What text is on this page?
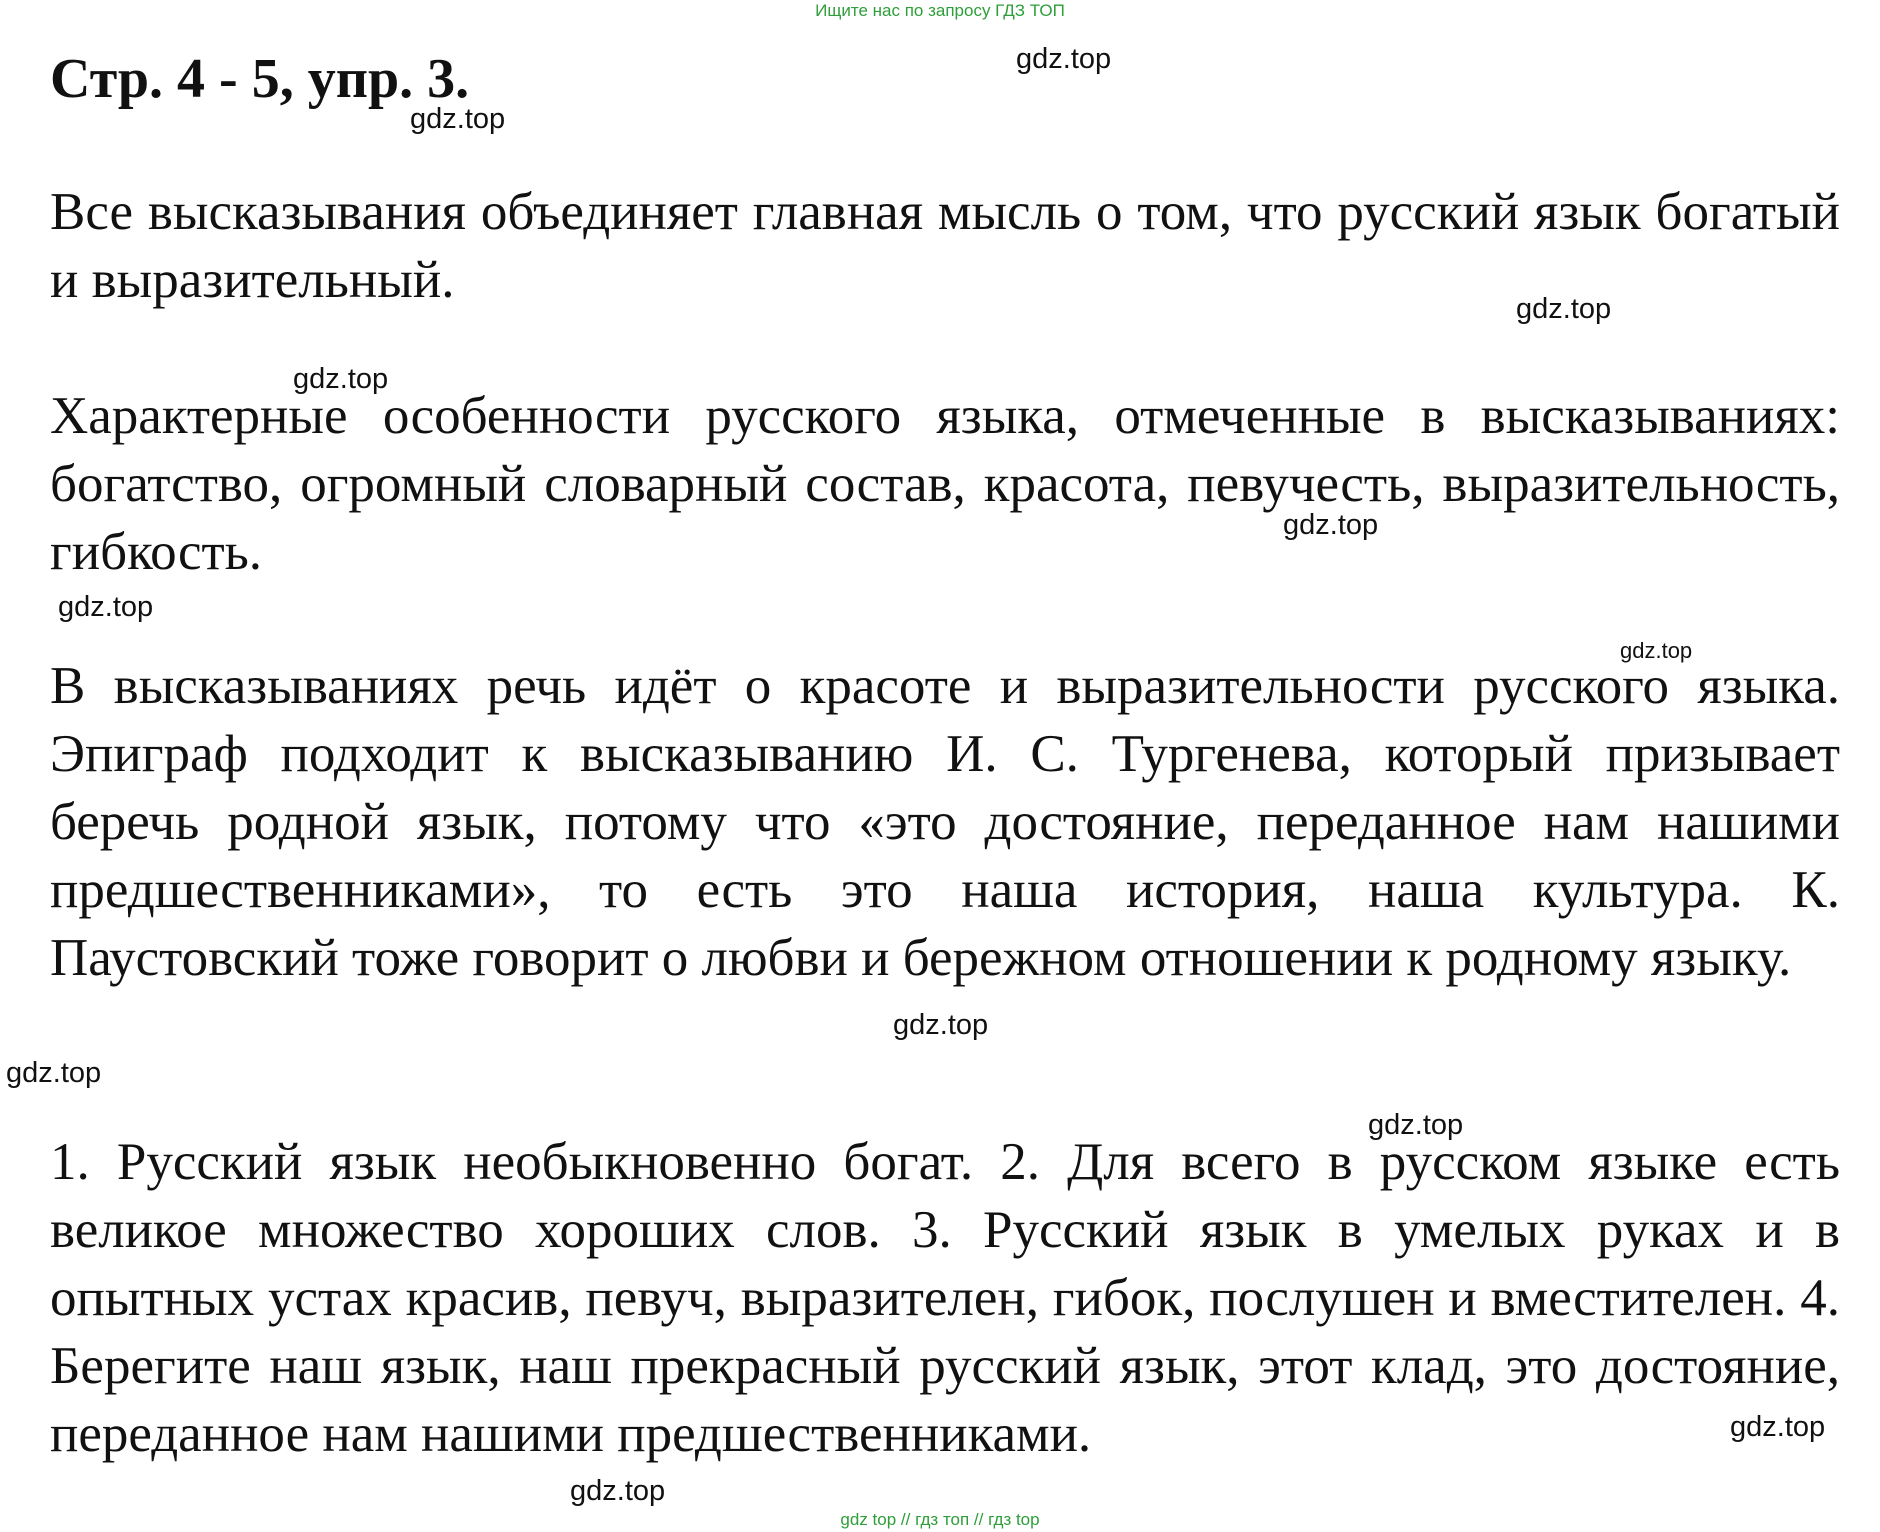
Ищите нас по запросу ГДЗ ТОП
Стр. 4 - 5, упр. 3.

Все высказывания объединяет главная мысль о том, что русский язык богатый и выразительный.

Характерные особенности русского языка, отмеченные в высказываниях: богатство, огромный словарный состав, красота, певучесть, выразительность, гибкость.

В высказываниях речь идёт о красоте и выразительности русского языка. Эпиграф подходит к высказыванию И. С. Тургенева, который призывает беречь родной язык, потому что «это достояние, переданное нам нашими предшественниками», то есть это наша история, наша культура. К. Паустовский тоже говорит о любви и бережном отношении к родному языку.

1. Русский язык необыкновенно богат. 2. Для всего в русском языке есть великое множество хороших слов. 3. Русский язык в умелых руках и в опытных устах красив, певуч, выразителен, гибок, послушен и вместителен. 4. Берегите наш язык, наш прекрасный русский язык, этот клад, это достояние, переданное нам нашими предшественниками.

gdz.top
gdz.top
gdz.top
gdz.top
gdz.top
gdz.top
gdz.top
gdz.top
gdz.top
gdz.top
gdz.top
gdz.top
gdz top // гдз топ // гдз top
